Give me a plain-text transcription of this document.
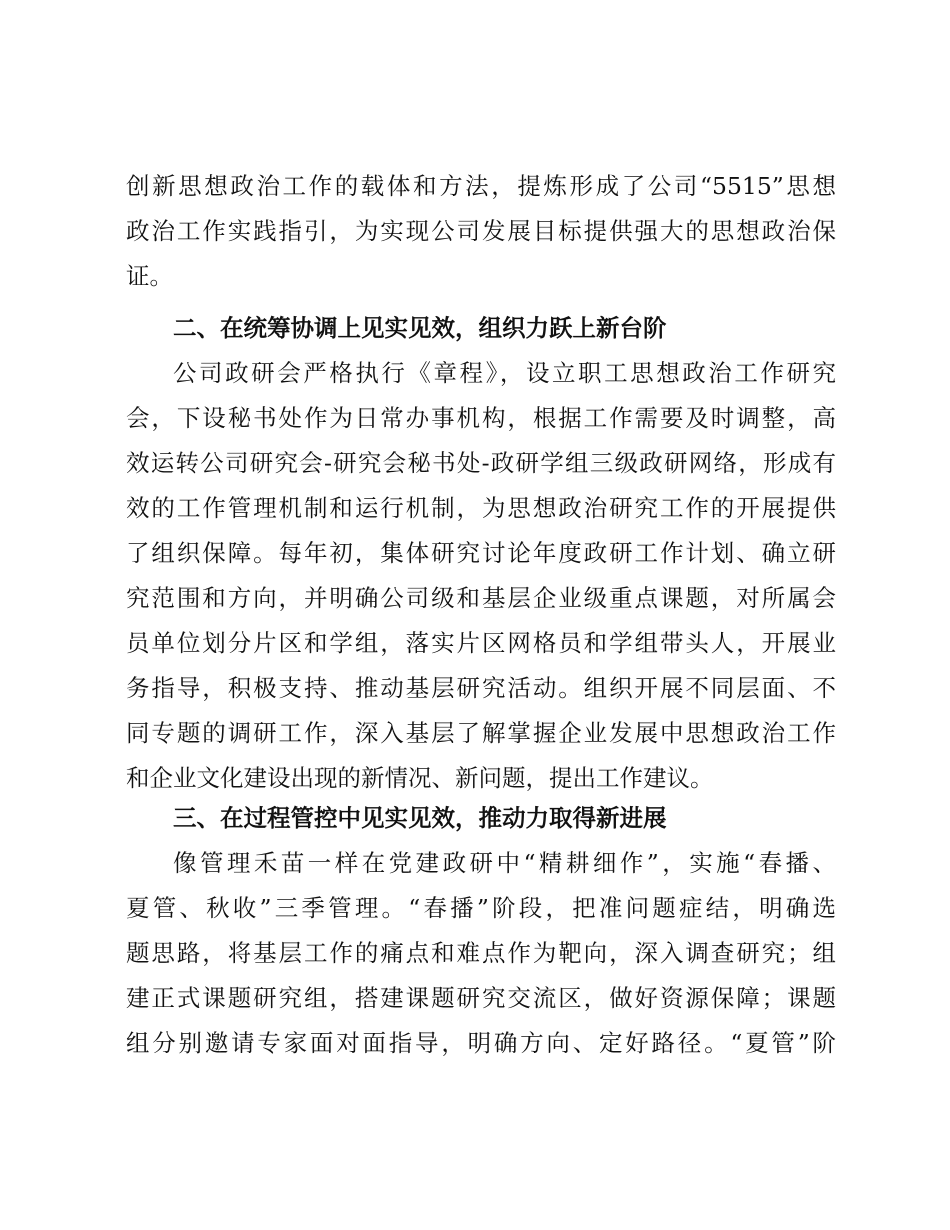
创新思想政治工作的载体和方法，提炼形成了公司“5515”思想
政治工作实践指引，为实现公司发展目标提供强大的思想政治保
证。
二、在统筹协调上见实见效，组织力跃上新台阶
公司政研会严格执行《章程》，设立职工思想政治工作研究
会，下设秘书处作为日常办事机构，根据工作需要及时调整，高
效运转公司研究会-研究会秘书处-政研学组三级政研网络，形成有
效的工作管理机制和运行机制，为思想政治研究工作的开展提供
了组织保障。每年初，集体研究讨论年度政研工作计划、确立研
究范围和方向，并明确公司级和基层企业级重点课题，对所属会
员单位划分片区和学组，落实片区网格员和学组带头人，开展业
务指导，积极支持、推动基层研究活动。组织开展不同层面、不
同专题的调研工作，深入基层了解掌握企业发展中思想政治工作
和企业文化建设出现的新情况、新问题，提出工作建议。
三、在过程管控中见实见效，推动力取得新进展
像管理禾苗一样在党建政研中“精耕细作”，实施“春播、
夏管、秋收”三季管理。“春播”阶段，把准问题症结，明确选
题思路，将基层工作的痛点和难点作为靶向，深入调查研究；组
建正式课题研究组，搭建课题研究交流区，做好资源保障；课题
组分别邀请专家面对面指导，明确方向、定好路径。“夏管”阶
